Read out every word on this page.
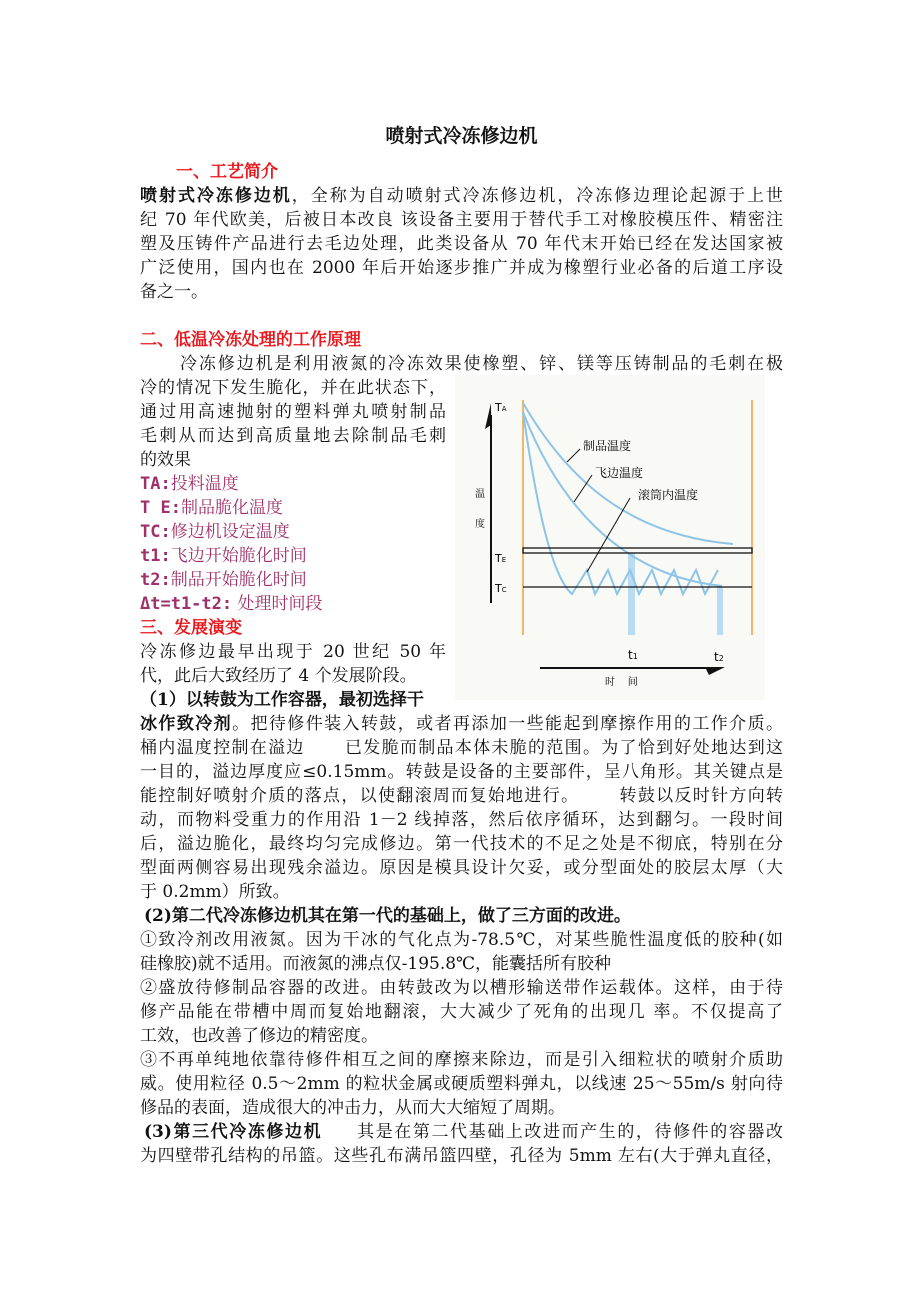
喷射式冷冻修边机
一、工艺简介
喷射式冷冻修边机，全称为自动喷射式冷冻修边机，冷冻修边理论起源于上世
纪 70 年代欧美，后被日本改良 该设备主要用于替代手工对橡胶模压件、精密注
塑及压铸件产品进行去毛边处理，此类设备从 70 年代末开始已经在发达国家被
广泛使用，国内也在 2000 年后开始逐步推广并成为橡塑行业必备的后道工序设
备之一。
二、低温冷冻处理的工作原理
冷冻修边机是利用液氮的冷冻效果使橡塑、锌、镁等压铸制品的毛刺在极
冷的情况下发生脆化，并在此状态下，
通过用高速抛射的塑料弹丸喷射制品
毛刺从而达到高质量地去除制品毛刺
的效果
TA:投料温度
T E:制品脆化温度
TC:修边机设定温度
t1:飞边开始脆化时间
t2:制品开始脆化时间
Δt=t1-t2: 处理时间段
三、发展演变
冷冻修边最早出现于 20 世纪 50 年
代，此后大致经历了 4 个发展阶段。
（1）以转鼓为工作容器，最初选择干
冰作致冷剂。把待修件装入转鼓，或者再添加一些能起到摩擦作用的工作介质。
桶内温度控制在溢边      已发脆而制品本体未脆的范围。为了恰到好处地达到这
一目的，溢边厚度应≤0.15mm。转鼓是设备的主要部件，呈八角形。其关键点是
能控制好喷射介质的落点，以使翻滚周而复始地进行。      转鼓以反时针方向转
动，而物料受重力的作用沿 1－2 线掉落，然后依序循环，达到翻匀。一段时间
后，溢边脆化，最终均匀完成修边。第一代技术的不足之处是不彻底，特别在分
型面两侧容易出现残余溢边。原因是模具设计欠妥，或分型面处的胶层太厚（大
于 0.2mm）所致。
(2)第二代冷冻修边机其在第一代的基础上，做了三方面的改进。
①致冷剂改用液氮。因为干冰的气化点为-78.5℃，对某些脆性温度低的胶种(如
硅橡胶)就不适用。而液氮的沸点仅-195.8℃，能囊括所有胶种
②盛放待修制品容器的改进。由转鼓改为以槽形输送带作运载体。这样，由于待
修产品能在带槽中周而复始地翻滚，大大减少了死角的出现几 率。不仅提高了
工效，也改善了修边的精密度。
③不再单纯地依靠待修件相互之间的摩擦来除边，而是引入细粒状的喷射介质助
威。使用粒径 0.5～2mm 的粒状金属或硬质塑料弹丸，以线速 25～55m/s 射向待
修品的表面，造成很大的冲击力，从而大大缩短了周期。
(3)第三代冷冻修边机     其是在第二代基础上改进而产生的，待修件的容器改
为四壁带孔结构的吊篮。这些孔布满吊篮四壁，孔径为 5mm 左右(大于弹丸直径，
制品温度
飞边温度
滚筒内温度
TA
TE
TC
t1	t2
温
度
时    间
